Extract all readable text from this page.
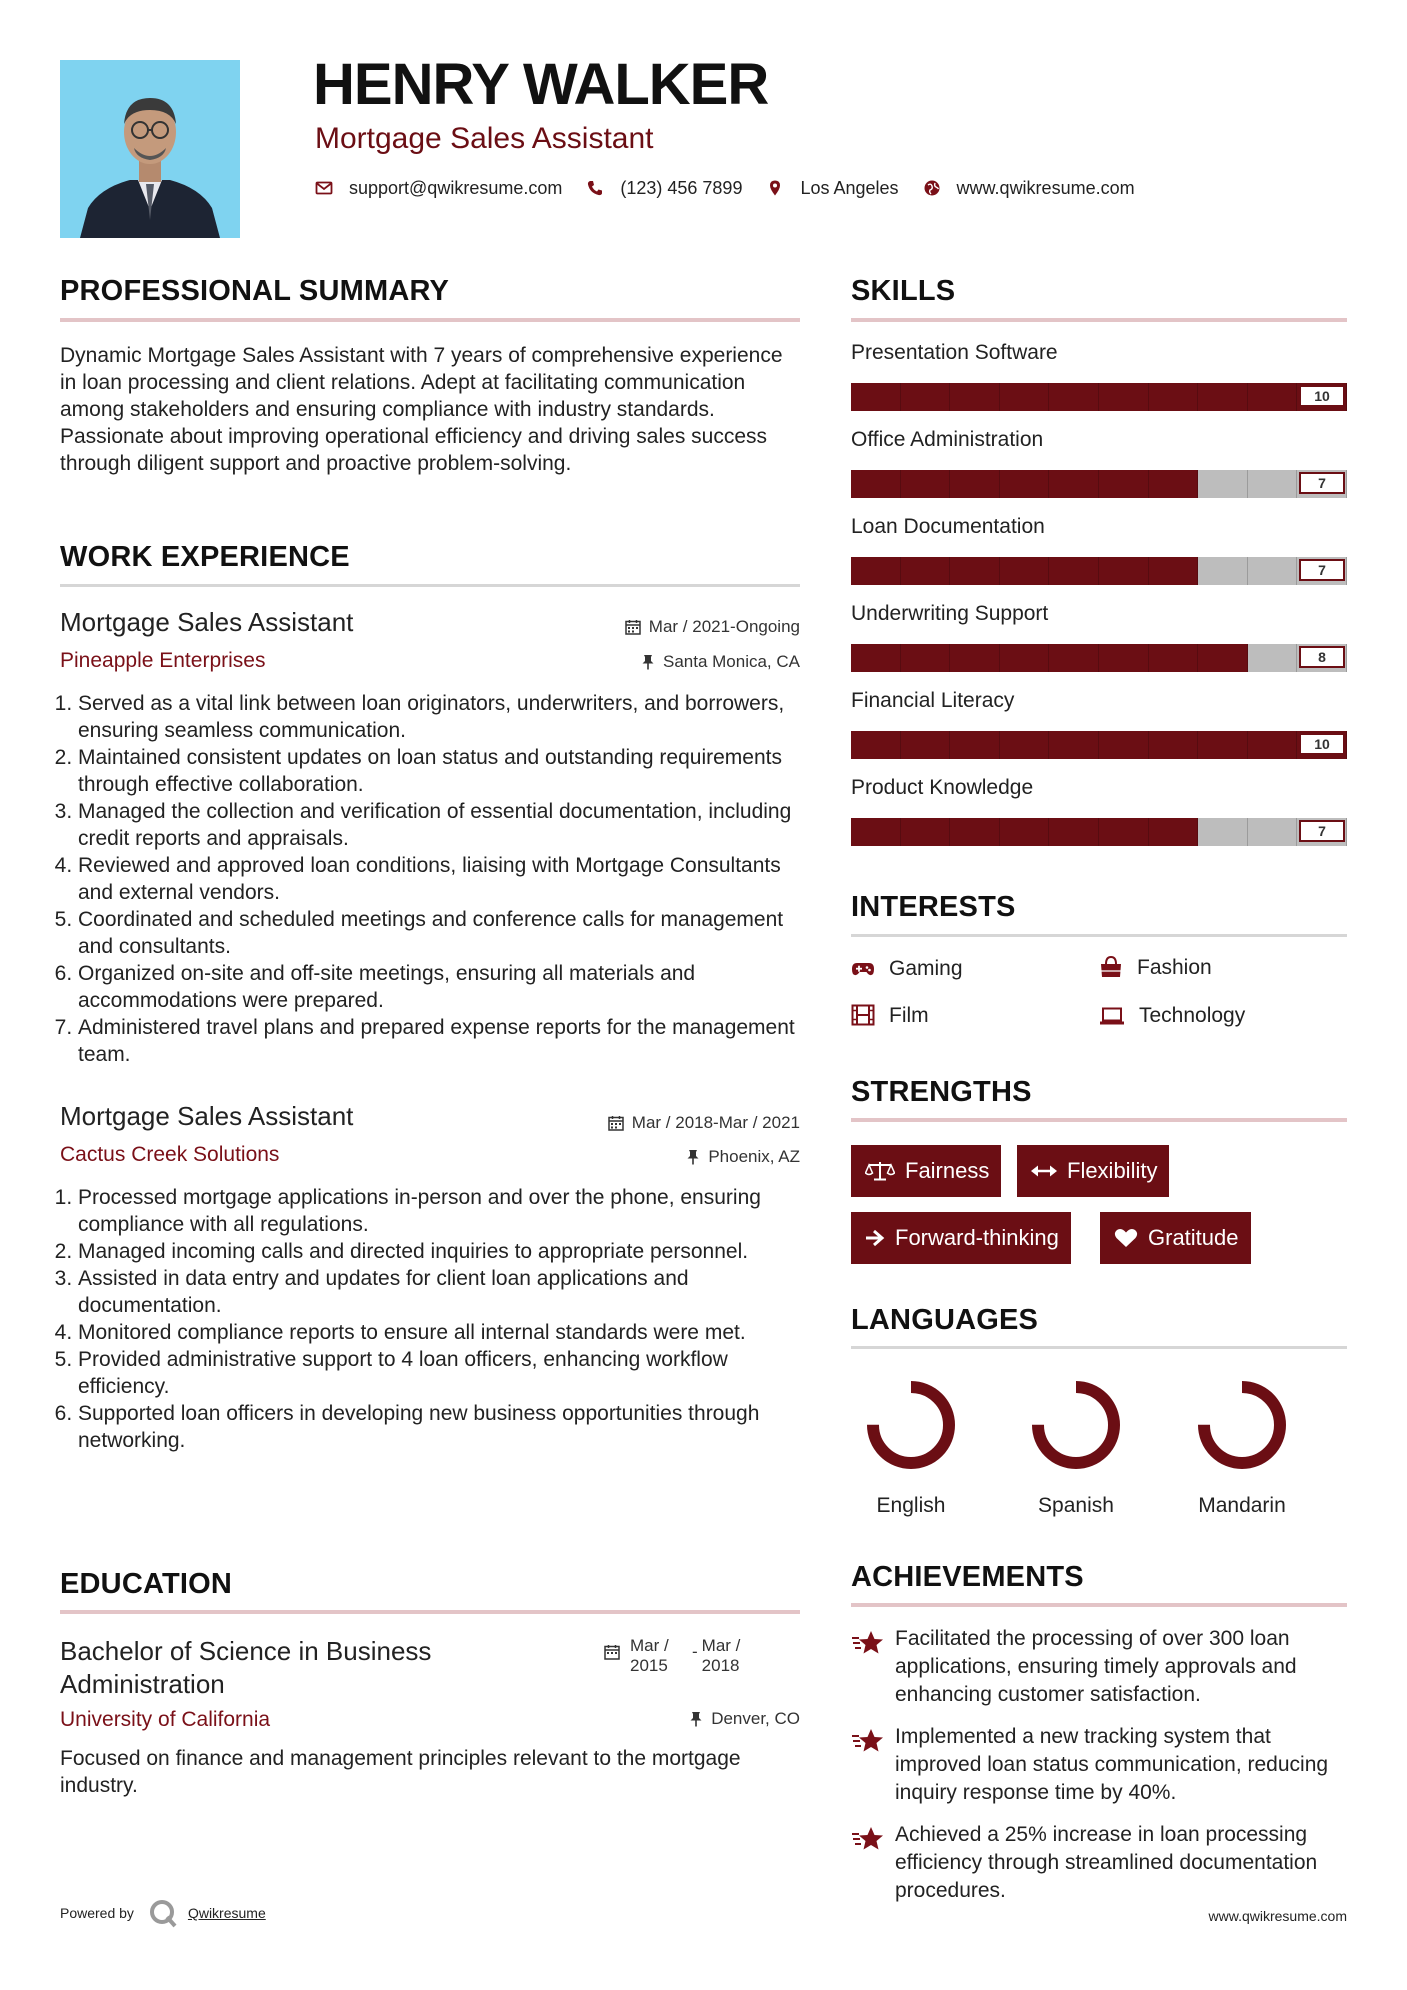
HENRY WALKER
Mortgage Sales Assistant
support@qwikresume.com	(123) 456 7899	Los Angeles	www.qwikresume.com
PROFESSIONAL SUMMARY
Dynamic Mortgage Sales Assistant with 7 years of comprehensive experience in loan processing and client relations. Adept at facilitating communication among stakeholders and ensuring compliance with industry standards. Passionate about improving operational efficiency and driving sales success through diligent support and proactive problem-solving.
WORK EXPERIENCE
Mortgage Sales Assistant	Mar / 2021-Ongoing
Pineapple Enterprises	Santa Monica, CA
1. Served as a vital link between loan originators, underwriters, and borrowers, ensuring seamless communication.
2. Maintained consistent updates on loan status and outstanding requirements through effective collaboration.
3. Managed the collection and verification of essential documentation, including credit reports and appraisals.
4. Reviewed and approved loan conditions, liaising with Mortgage Consultants and external vendors.
5. Coordinated and scheduled meetings and conference calls for management and consultants.
6. Organized on-site and off-site meetings, ensuring all materials and accommodations were prepared.
7. Administered travel plans and prepared expense reports for the management team.
Mortgage Sales Assistant	Mar / 2018-Mar / 2021
Cactus Creek Solutions	Phoenix, AZ
1. Processed mortgage applications in-person and over the phone, ensuring compliance with all regulations.
2. Managed incoming calls and directed inquiries to appropriate personnel.
3. Assisted in data entry and updates for client loan applications and documentation.
4. Monitored compliance reports to ensure all internal standards were met.
5. Provided administrative support to 4 loan officers, enhancing workflow efficiency.
6. Supported loan officers in developing new business opportunities through networking.
EDUCATION
Bachelor of Science in Business Administration
Mar / 2015
- Mar / 2018
University of California	Denver, CO
Focused on finance and management principles relevant to the mortgage industry.
SKILLS
Presentation Software
10
Office Administration
7
Loan Documentation
7
Underwriting Support
8
Financial Literacy
10
Product Knowledge
7
INTERESTS
Gaming	Fashion
Film	Technology
STRENGTHS
Fairness	Flexibility
Forward-thinking	Gratitude
LANGUAGES
English	Spanish	Mandarin
ACHIEVEMENTS
Facilitated the processing of over 300 loan applications, ensuring timely approvals and enhancing customer satisfaction.
Implemented a new tracking system that improved loan status communication, reducing inquiry response time by 40%.
Achieved a 25% increase in loan processing efficiency through streamlined documentation procedures.
Powered by	Qwikresume	www.qwikresume.com
